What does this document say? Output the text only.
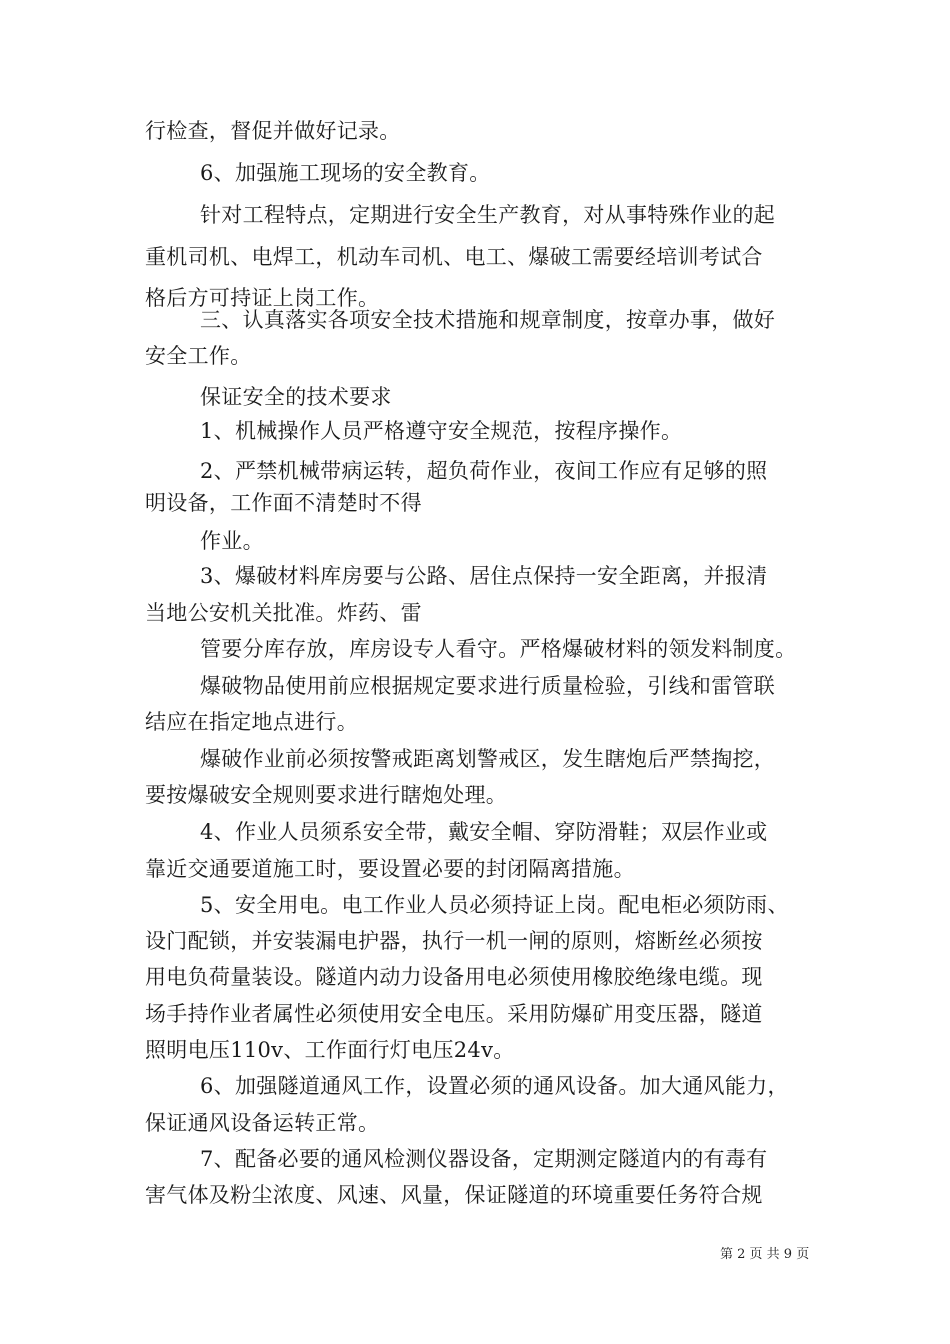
行检查，督促并做好记录。
6、加强施工现场的安全教育。
针对工程特点，定期进行安全生产教育，对从事特殊作业的起
重机司机、电焊工，机动车司机、电工、爆破工需要经培训考试合
格后方可持证上岗工作。
三、认真落实各项安全技术措施和规章制度，按章办事，做好
安全工作。
保证安全的技术要求
1、机械操作人员严格遵守安全规范，按程序操作。
2、严禁机械带病运转，超负荷作业，夜间工作应有足够的照
明设备，工作面不清楚时不得
作业。
3、爆破材料库房要与公路、居住点保持一安全距离，并报清
当地公安机关批准。炸药、雷
管要分库存放，库房设专人看守。严格爆破材料的领发料制度。
爆破物品使用前应根据规定要求进行质量检验，引线和雷管联
结应在指定地点进行。
爆破作业前必须按警戒距离划警戒区，发生瞎炮后严禁掏挖，
要按爆破安全规则要求进行瞎炮处理。
4、作业人员须系安全带，戴安全帽、穿防滑鞋；双层作业或
靠近交通要道施工时，要设置必要的封闭隔离措施。
5、安全用电。电工作业人员必须持证上岗。配电柜必须防雨、
设门配锁，并安装漏电护器，执行一机一闸的原则，熔断丝必须按
用电负荷量装设。隧道内动力设备用电必须使用橡胶绝缘电缆。现
场手持作业者属性必须使用安全电压。采用防爆矿用变压器，隧道
照明电压110v、工作面行灯电压24v。
6、加强隧道通风工作，设置必须的通风设备。加大通风能力，
保证通风设备运转正常。
7、配备必要的通风检测仪器设备，定期测定隧道内的有毒有
害气体及粉尘浓度、风速、风量，保证隧道的环境重要任务符合规
第 2 页 共 9 页
